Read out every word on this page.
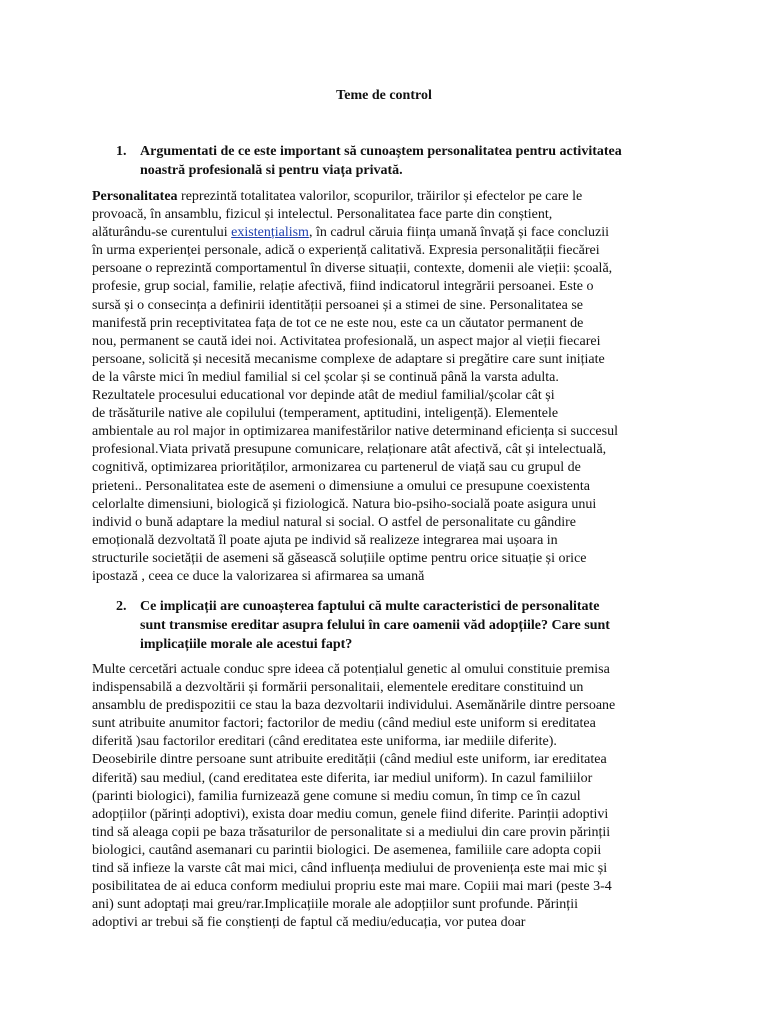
Teme de control
1. Argumentati de ce este important să cunoaștem personalitatea pentru activitatea
noastră profesională si pentru viața privată.
Personalitatea reprezintă totalitatea valorilor, scopurilor, trăirilor și efectelor pe care le
provoacă, în ansamblu, fizicul și intelectul. Personalitatea face parte din conștient,
alăturându-se curentului existențialism, în cadrul căruia ființa umană învață și face concluzii
în urma experienței personale, adică o experiență calitativă. Expresia personalității fiecărei
persoane o reprezintă comportamentul în diverse situații, contexte, domenii ale vieții: școală,
profesie, grup social, familie, relație afectivă, fiind indicatorul integrării persoanei. Este o
sursă și o consecința a definirii identității persoanei și a stimei de sine. Personalitatea se
manifestă prin receptivitatea fața de tot ce ne este nou, este ca un căutator permanent de
nou, permanent se caută idei noi. Activitatea profesională, un aspect major al vieții fiecarei
persoane, solicită și necesită mecanisme complexe de adaptare si pregătire care sunt inițiate
de la vârste mici în mediul familial si cel școlar și se continuă până la varsta adulta.
Rezultatele procesului educational vor depinde atât de mediul familial/școlar cât și
de trăsăturile native ale copilului (temperament, aptitudini, inteligență). Elementele
ambientale au rol major in optimizarea manifestărilor native determinand eficiența si succesul
profesional.Viata privată presupune comunicare, relaționare atât afectivă, cât și intelectuală,
cognitivă, optimizarea priorităților, armonizarea cu partenerul de viață sau cu grupul de
prieteni.. Personalitatea este de asemeni o dimensiune a omului ce presupune coexistenta
celorlalte dimensiuni, biologică și fiziologică. Natura bio-psiho-socială poate asigura unui
individ o bună adaptare la mediul natural si social. O astfel de personalitate cu gândire
emoțională dezvoltată îl poate ajuta pe individ să realizeze integrarea mai ușoara in
structurile societății de asemeni să găsească soluțiile optime pentru orice situație și orice
ipostază , ceea ce duce la valorizarea si afirmarea sa umană
2. Ce implicații are cunoașterea faptului că multe caracteristici de personalitate
sunt transmise ereditar asupra felului în care oamenii văd adopțiile? Care sunt
implicațiile morale ale acestui fapt?
Multe cercetări actuale conduc spre ideea că potențialul genetic al omului constituie premisa
indispensabilă a dezvoltării și formării personalitaii, elementele ereditare constituind un
ansamblu de predispozitii ce stau la baza dezvoltarii individului. Asemănările dintre persoane
sunt atribuite anumitor factori; factorilor de mediu (când mediul este uniform si ereditatea
diferită )sau factorilor ereditari (când ereditatea este uniforma, iar mediile diferite).
Deosebirile dintre persoane sunt atribuite eredității (când mediul este uniform, iar ereditatea
diferită) sau mediul, (cand ereditatea este diferita, iar mediul uniform). In cazul familiilor
(parinti biologici), familia furnizează gene comune si mediu comun, în timp ce în cazul
adopțiilor (părinți adoptivi), exista doar mediu comun, genele fiind diferite. Parinții adoptivi
tind să aleaga copii pe baza trăsaturilor de personalitate si a mediului din care provin părinții
biologici, cautând asemanari cu parintii biologici. De asemenea, familiile care adopta copii
tind să infieze la varste cât mai mici, când influența mediului de proveniența este mai mic și
posibilitatea de ai educa conform mediului propriu este mai mare. Copiii mai mari (peste 3-4
ani) sunt adoptați mai greu/rar.Implicațiile morale ale adopțiilor sunt profunde. Părinții
adoptivi ar trebui să fie conștienți de faptul că mediu/educația, vor putea doar
